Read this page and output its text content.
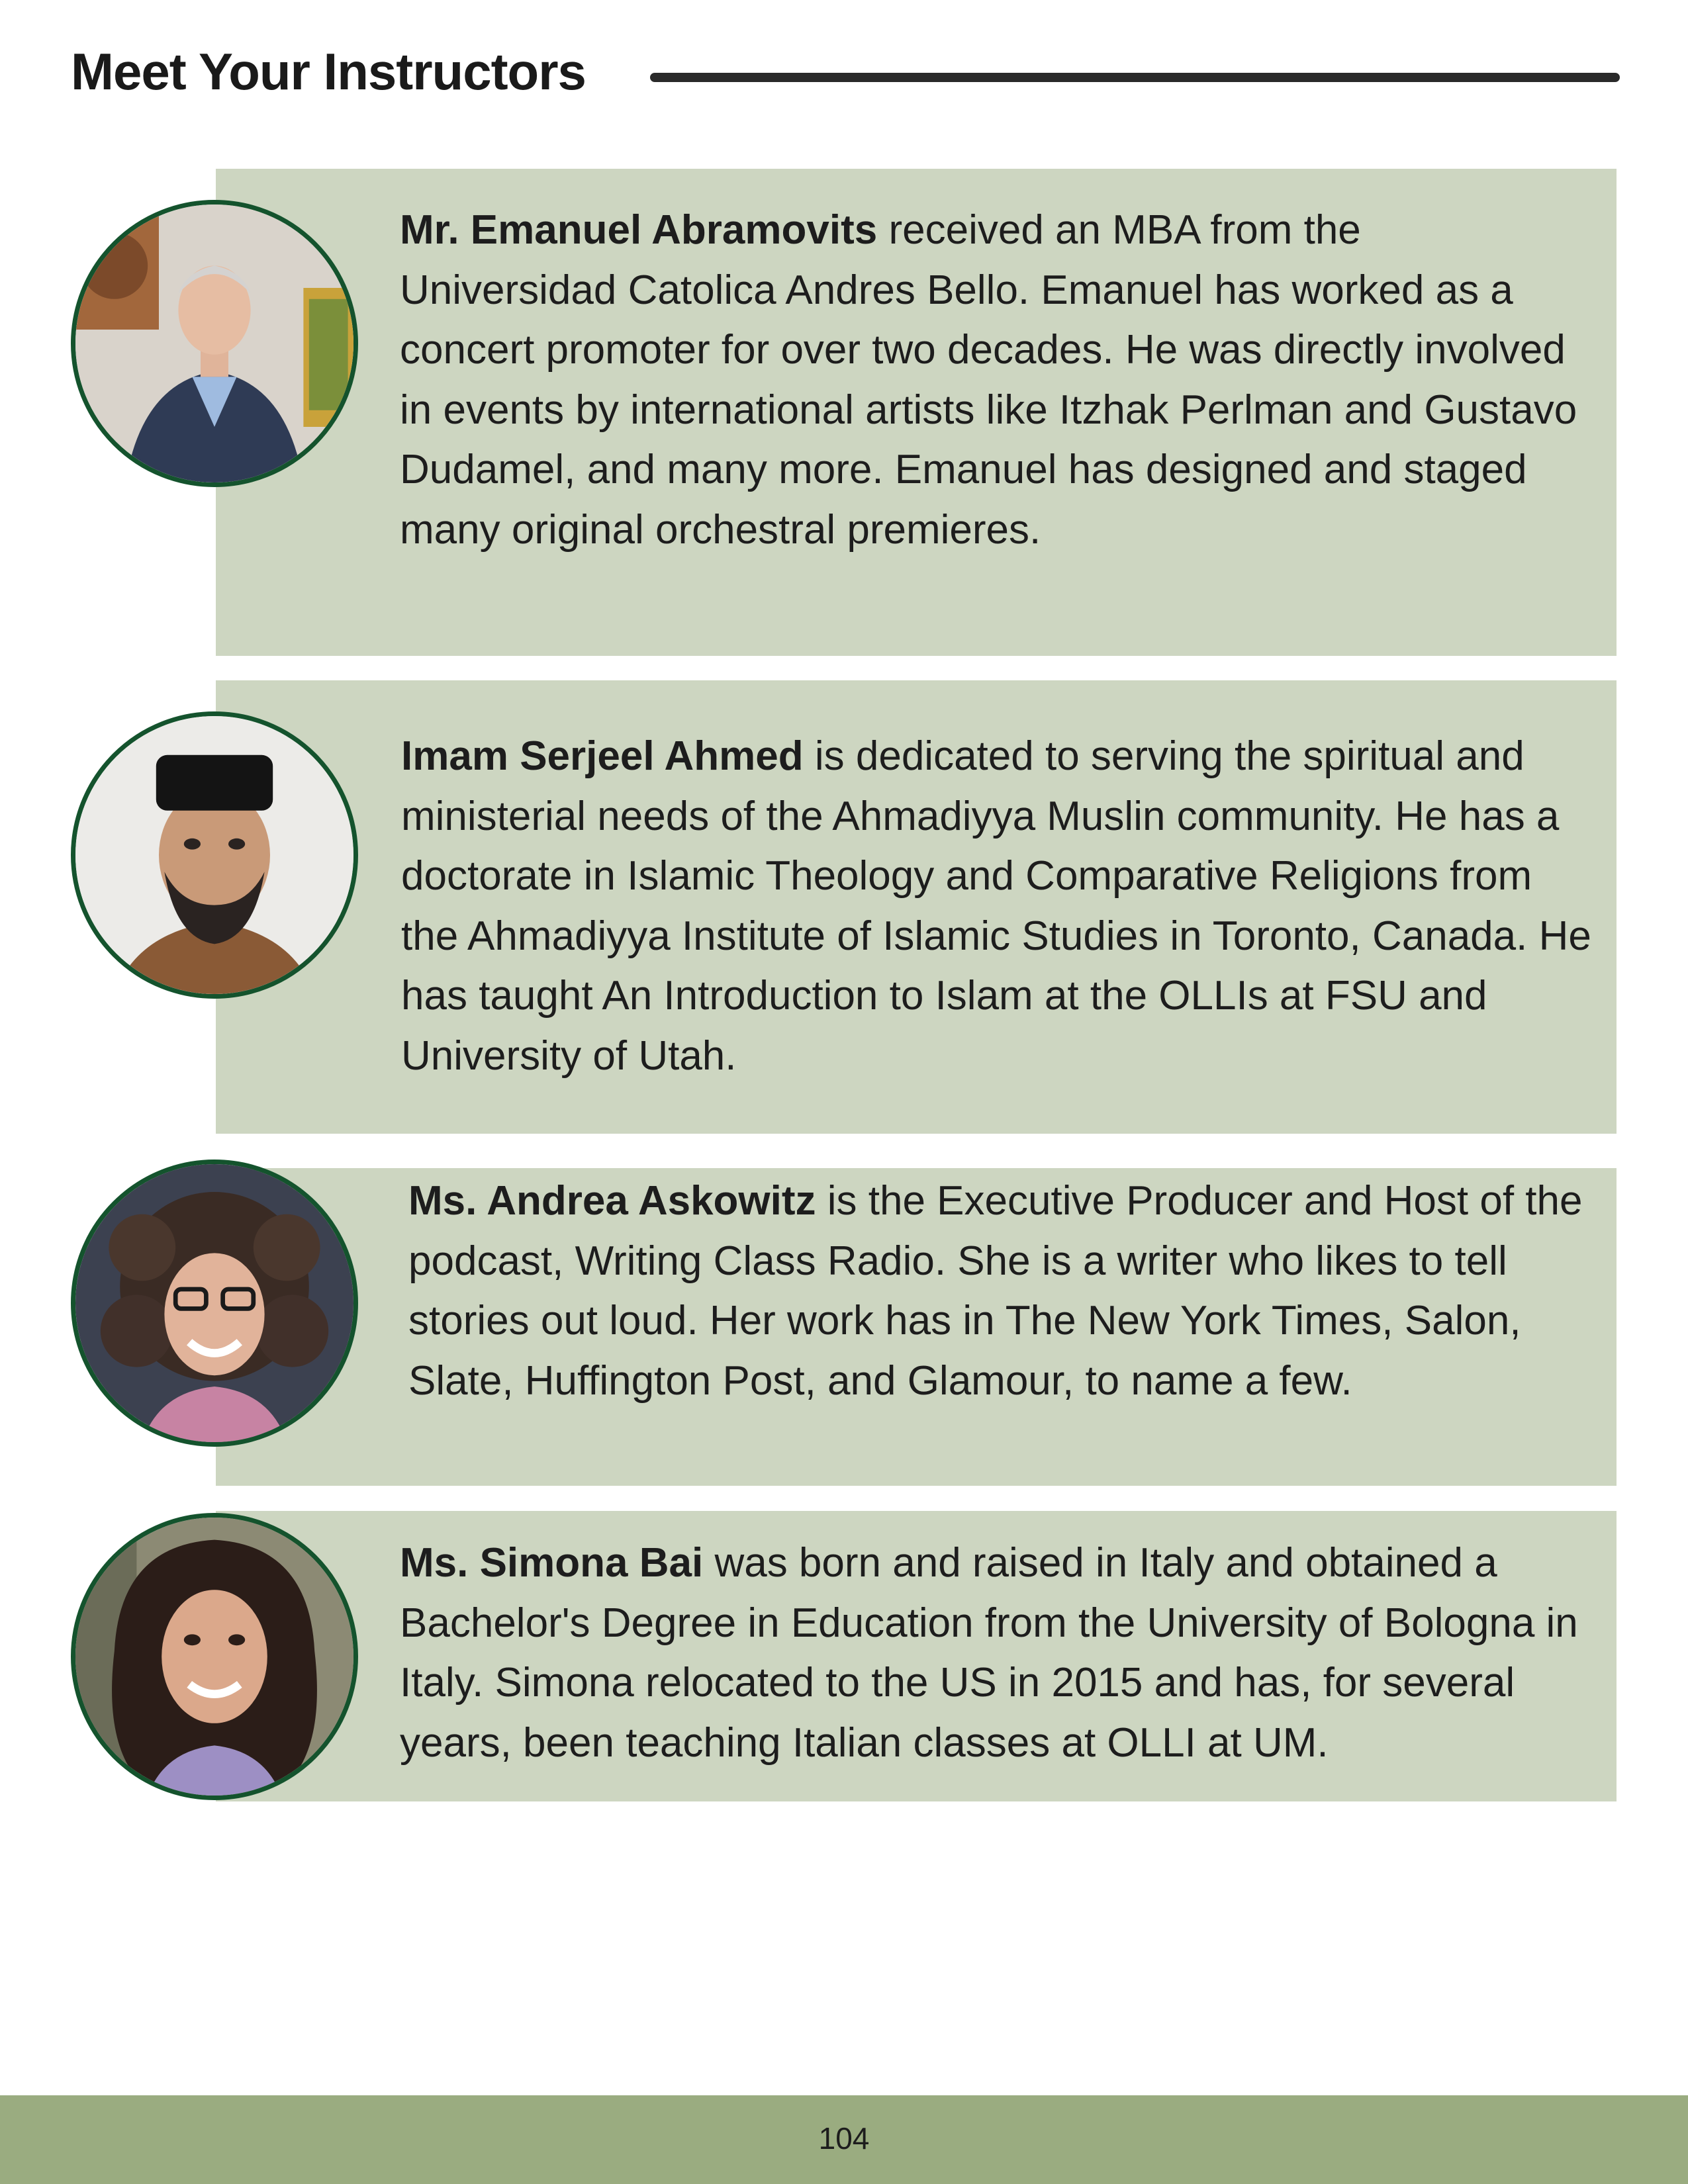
Meet Your Instructors

Mr. Emanuel Abramovits received an MBA from the Universidad Catolica Andres Bello. Emanuel has worked as a concert promoter for over two decades. He was directly involved in events by international artists like Itzhak Perlman and Gustavo Dudamel, and many more. Emanuel has designed and staged many original orchestral premieres.

Imam Serjeel Ahmed is dedicated to serving the spiritual and ministerial needs of the Ahmadiyya Muslin community. He has a doctorate in Islamic Theology and Comparative Religions from the Ahmadiyya Institute of Islamic Studies in Toronto, Canada. He has taught An Introduction to Islam at the OLLIs at FSU and University of Utah.

Ms. Andrea Askowitz is the Executive Producer and Host of the podcast, Writing Class Radio. She is a writer who likes to tell stories out loud. Her work has in The New York Times, Salon, Slate, Huffington Post, and Glamour, to name a few.

Ms. Simona Bai was born and raised in Italy and obtained a Bachelor's Degree in Education from the University of Bologna in Italy. Simona relocated to the US in 2015 and has, for several years, been teaching Italian classes at OLLI at UM.

104
